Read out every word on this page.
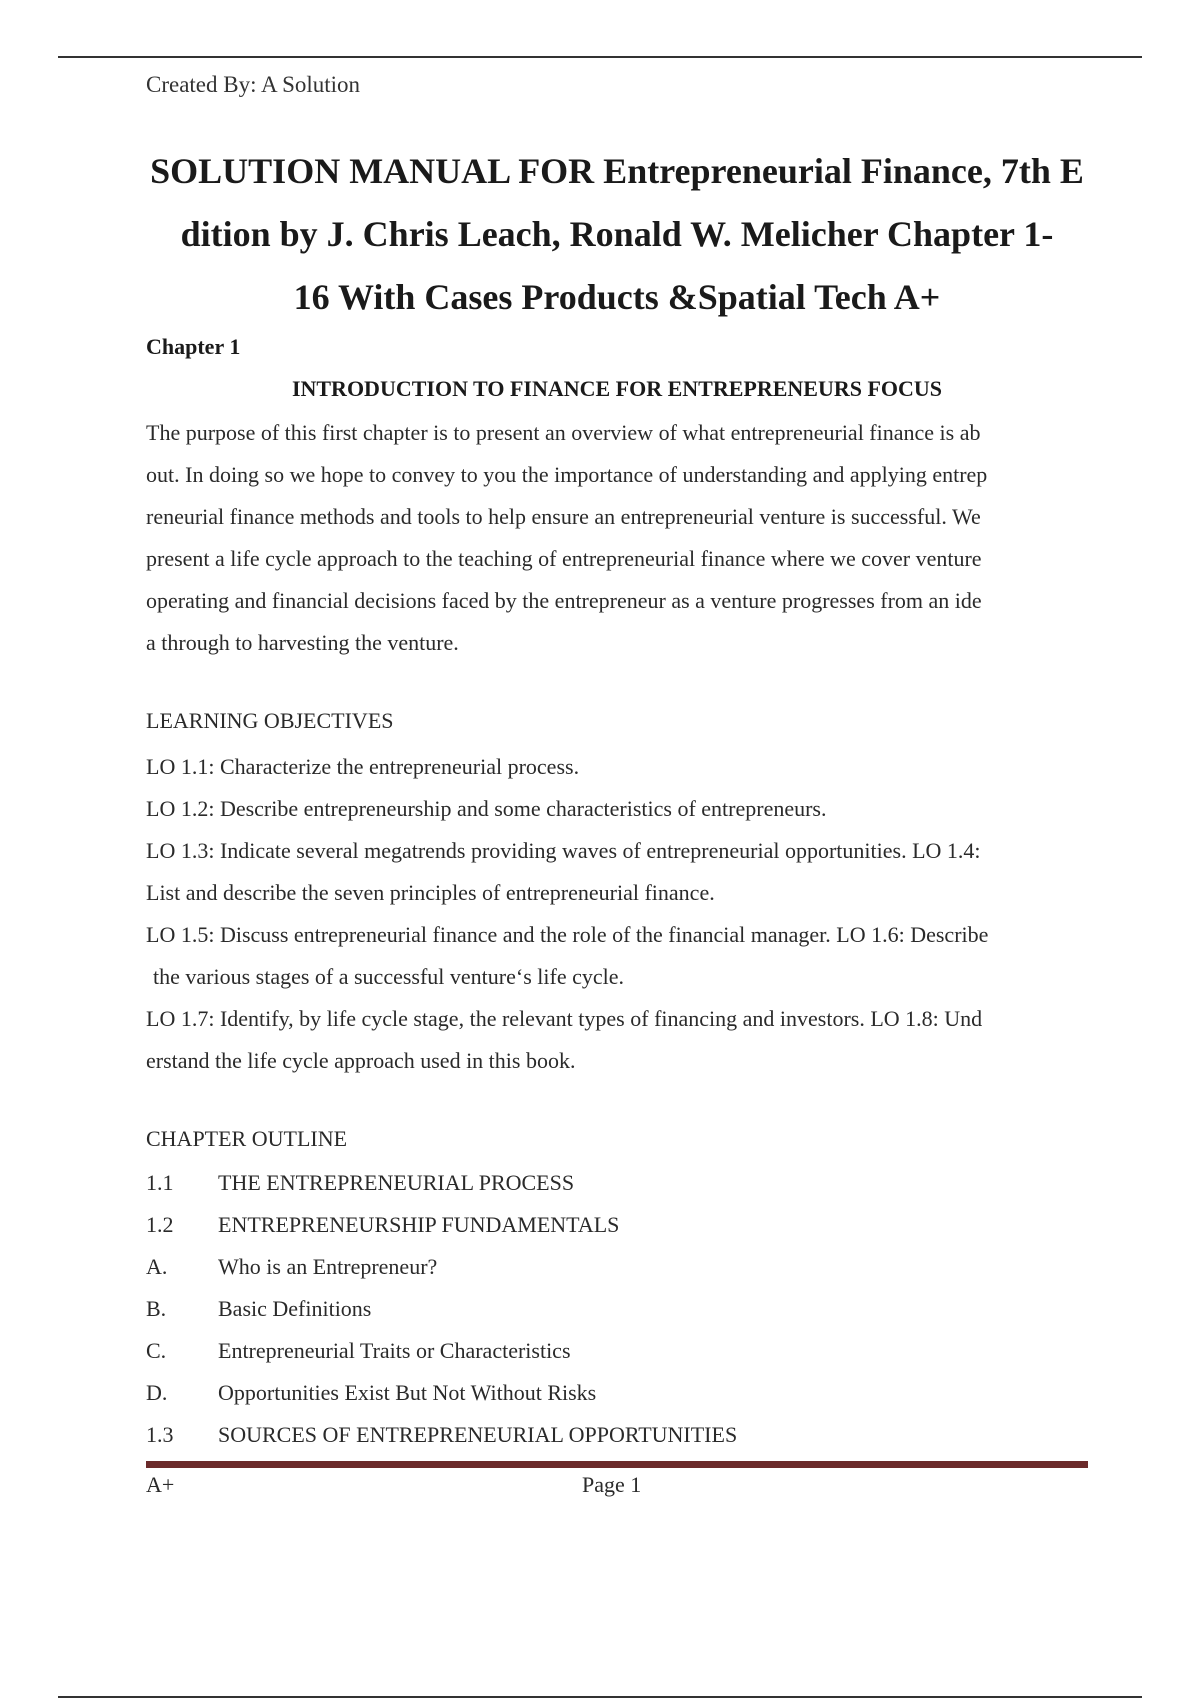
Created By: A Solution
SOLUTION MANUAL FOR Entrepreneurial Finance, 7th E
dition by J. Chris Leach, Ronald W. Melicher Chapter 1-
16 With Cases Products &Spatial Tech A+
Chapter 1
INTRODUCTION TO FINANCE FOR ENTREPRENEURS FOCUS
The purpose of this first chapter is to present an overview of what entrepreneurial finance is ab
out. In doing so we hope to convey to you the importance of understanding and applying entrep
reneurial finance methods and tools to help ensure an entrepreneurial venture is successful. We
present a life cycle approach to the teaching of entrepreneurial finance where we cover venture
operating and financial decisions faced by the entrepreneur as a venture progresses from an ide
a through to harvesting the venture.
LEARNING OBJECTIVES
LO 1.1: Characterize the entrepreneurial process.
LO 1.2: Describe entrepreneurship and some characteristics of entrepreneurs.
LO 1.3: Indicate several megatrends providing waves of entrepreneurial opportunities. LO 1.4:
List and describe the seven principles of entrepreneurial finance.
LO 1.5: Discuss entrepreneurial finance and the role of the financial manager. LO 1.6: Describe
the various stages of a successful venture‘s life cycle.
LO 1.7: Identify, by life cycle stage, the relevant types of financing and investors. LO 1.8: Und
erstand the life cycle approach used in this book.
CHAPTER OUTLINE
1.1	THE ENTREPRENEURIAL PROCESS
1.2	ENTREPRENEURSHIP FUNDAMENTALS
A.	Who is an Entrepreneur?
B.	Basic Definitions
C.	Entrepreneurial Traits or Characteristics
D.	Opportunities Exist But Not Without Risks
1.3	SOURCES OF ENTREPRENEURIAL OPPORTUNITIES
A+	Page 1
